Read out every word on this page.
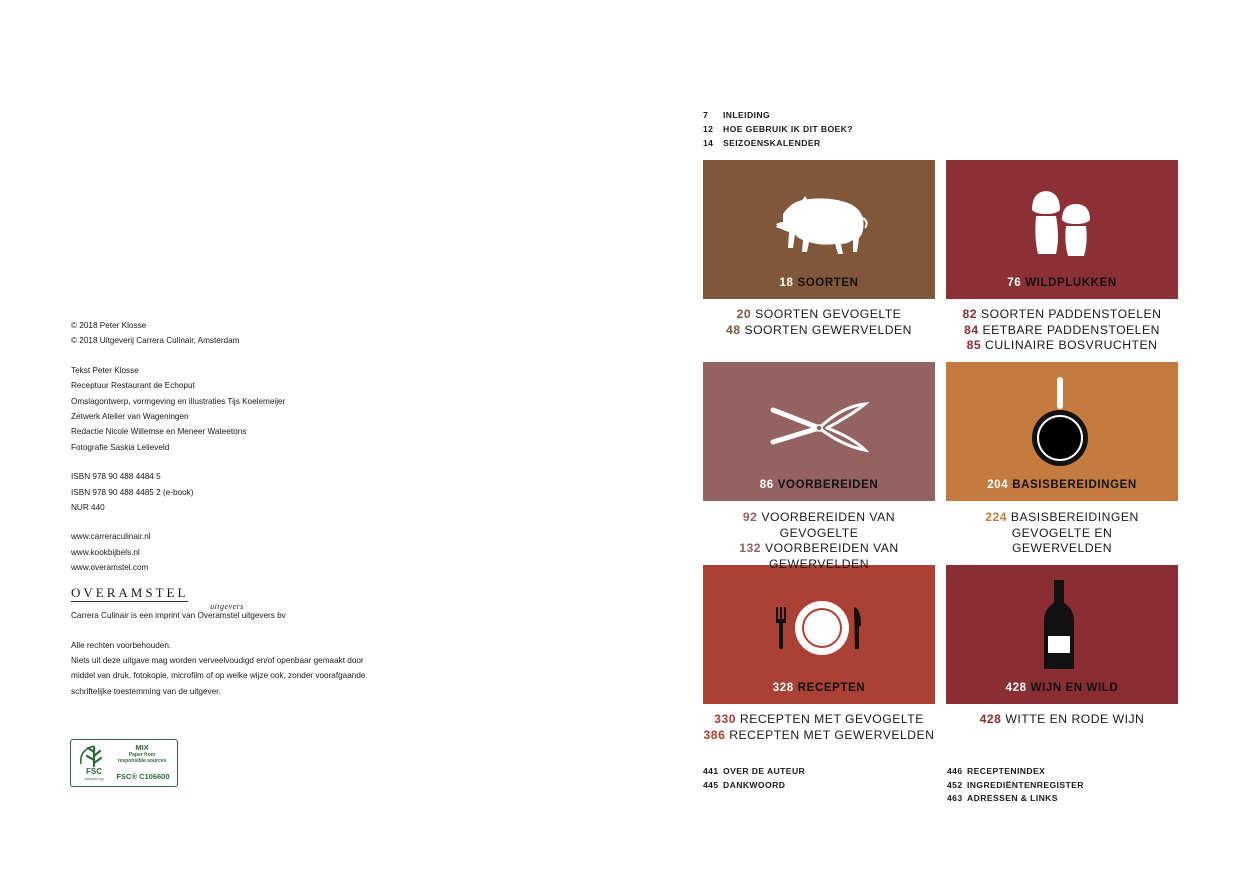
© 2018 Peter Klosse
© 2018 Uitgeverij Carrera Culinair, Amsterdam
Tekst Peter Klosse
Receptuur Restaurant de Echoput
Omslagontwerp, vormgeving en illustraties Tijs Koelemeijer
Zetwerk Atelier van Wageningen
Redactie Nicole Willemse en Meneer Wateetons
Fotografie Saskia Lelieveld
ISBN 978 90 488 4484 5
ISBN 978 90 488 4485 2 (e-book)
NUR 440
www.carreraculinair.nl
www.kookbijbels.nl
www.overamstel.com
OVERAMSTEL
uitgevers
Carrera Culinair is een imprint van Overamstel uitgevers bv
Alle rechten voorbehouden.
Niets uit deze uitgave mag worden verveelvoudigd en/of openbaar gemaakt door
middel van druk, fotokopie, microfilm of op welke wijze ook, zonder voorafgaande
schriftelijke toestemming van de uitgever.
FSC
MIX
Paper from
responsible sources
FSC® C106600
www.fsc.org
7 INLEIDING
12 HOE GEBRUIK IK DIT BOEK?
14 SEIZOENSKALENDER
18 SOORTEN	76 WILDPLUKKEN
86 VOORBEREIDEN	204 BASISBEREIDINGEN
328 RECEPTEN	428 WIJN EN WILD
20 SOORTEN GEVOGELTE
48 SOORTEN GEWERVELDEN
82 SOORTEN PADDENSTOELEN
84 EETBARE PADDENSTOELEN
85 CULINAIRE BOSVRUCHTEN
92 VOORBEREIDEN VAN GEVOGELTE
132 VOORBEREIDEN VAN
GEWERVELDEN
224 BASISBEREIDINGEN
GEVOGELTE EN
GEWERVELDEN
330 RECEPTEN MET GEVOGELTE
386 RECEPTEN MET GEWERVELDEN
428 WITTE EN RODE WIJN
441 OVER DE AUTEUR
445 DANKWOORD
446 RECEPTENINDEX
452 INGREDIËNTENREGISTER
463 ADRESSEN & LINKS
